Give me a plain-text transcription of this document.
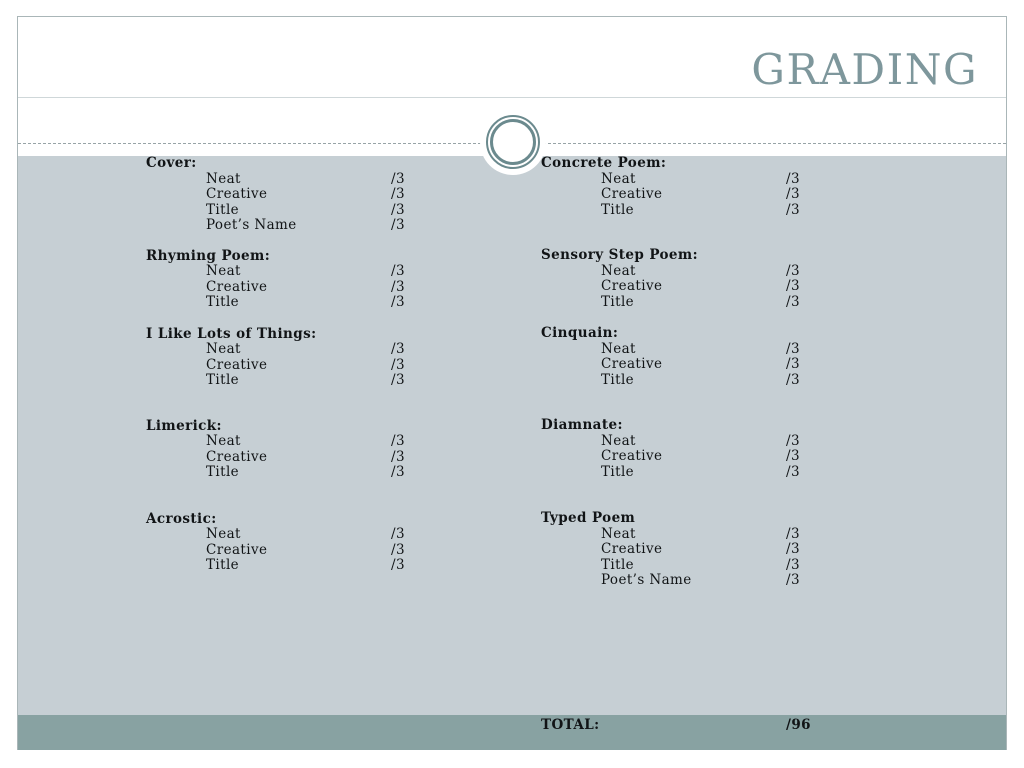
GRADING
Cover:
Neat	/3
Creative	/3
Title	/3
Poet’s Name	/3
Rhyming Poem:
Neat	/3
Creative	/3
Title	/3
I Like Lots of Things:
Neat	/3
Creative	/3
Title	/3
Limerick:
Neat	/3
Creative	/3
Title	/3
Acrostic:
Neat	/3
Creative	/3
Title	/3
Concrete Poem:
Neat	/3
Creative	/3
Title	/3
Sensory Step Poem:
Neat	/3
Creative	/3
Title	/3
Cinquain:
Neat	/3
Creative	/3
Title	/3
Diamnate:
Neat	/3
Creative	/3
Title	/3
Typed Poem
Neat	/3
Creative	/3
Title	/3
Poet’s Name	/3
TOTAL:	/96
